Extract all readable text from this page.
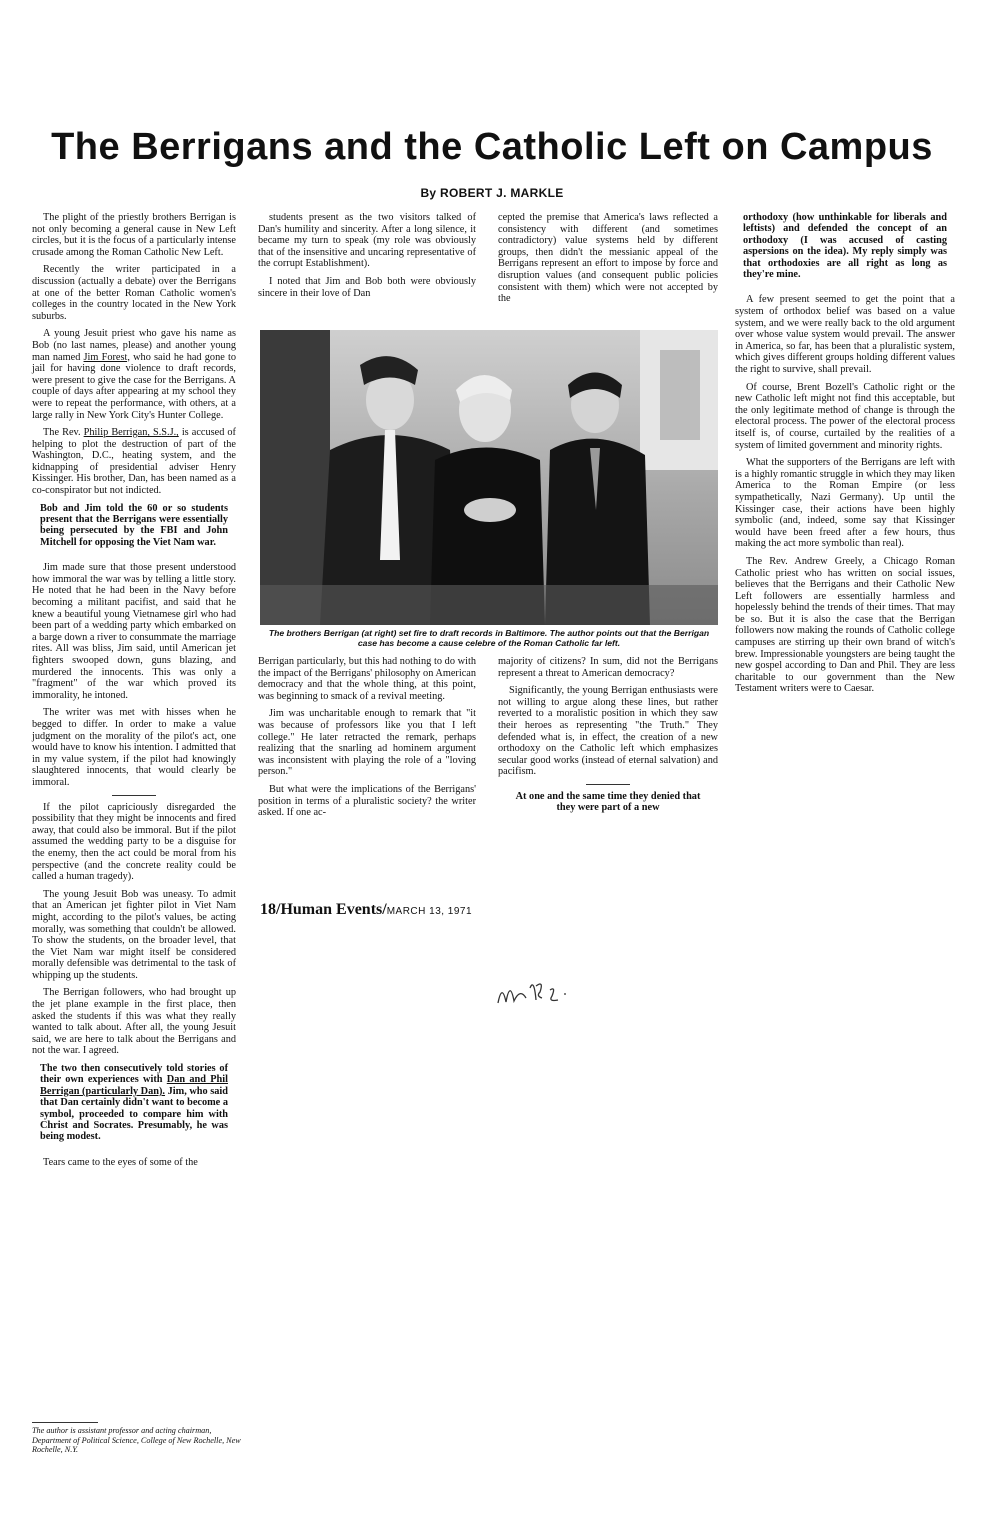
The Berrigans and the Catholic Left on Campus
By ROBERT J. MARKLE

The plight of the priestly brothers Berrigan is not only becoming a general cause in New Left circles, but it is the focus of a particularly intense crusade among the Roman Catholic New Left.

Recently the writer participated in a discussion (actually a debate) over the Berrigans at one of the better Roman Catholic women's colleges in the country located in the New York suburbs.

A young Jesuit priest who gave his name as Bob (no last names, please) and another young man named Jim Forest, who said he had gone to jail for having done violence to draft records, were present to give the case for the Berrigans. A couple of days after appearing at my school they were to repeat the performance, with others, at a large rally in New York City's Hunter College.

The Rev. Philip Berrigan, S.S.J., is accused of helping to plot the destruction of part of the Washington, D.C., heating system, and the kidnapping of presidential adviser Henry Kissinger. His brother, Dan, has been named as a co-conspirator but not indicted.

Bob and Jim told the 60 or so students present that the Berrigans were essentially being persecuted by the FBI and John Mitchell for opposing the Viet Nam war.

Jim made sure that those present understood how immoral the war was by telling a little story. He noted that he had been in the Navy before becoming a militant pacifist, and said that he knew a beautiful young Vietnamese girl who had been part of a wedding party which embarked on a barge down a river to consummate the marriage rites. All was bliss, Jim said, until American jet fighters swooped down, guns blazing, and murdered the innocents. This was only a "fragment" of the war which proved its immorality, he intoned.

The writer was met with hisses when he begged to differ. In order to make a value judgment on the morality of the pilot's act, one would have to know his intention. I admitted that in my value system, if the pilot had knowingly slaughtered innocents, that would clearly be immoral.

If the pilot capriciously disregarded the possibility that they might be innocents and fired away, that could also be immoral. But if the pilot assumed the wedding party to be a disguise for the enemy, then the act could be moral from his perspective (and the concrete reality could be called a human tragedy).

The young Jesuit Bob was uneasy. To admit that an American jet fighter pilot in Viet Nam might, according to the pilot's values, be acting morally, was something that couldn't be allowed. To show the students, on the broader level, that the Viet Nam war might itself be considered morally defensible was detrimental to the task of whipping up the students.

The Berrigan followers, who had brought up the jet plane example in the first place, then asked the students if this was what they really wanted to talk about. After all, the young Jesuit said, we are here to talk about the Berrigans and not the war. I agreed.

The two then consecutively told stories of their own experiences with Dan and Phil Berrigan (particularly Dan). Jim, who said that Dan certainly didn't want to become a symbol, proceeded to compare him with Christ and Socrates. Presumably, he was being modest.

Tears came to the eyes of some of the

The author is assistant professor and acting chairman, Department of Political Science, College of New Rochelle, New Rochelle, N.Y.

students present as the two visitors talked of Dan's humility and sincerity. After a long silence, it became my turn to speak (my role was obviously that of the insensitive and uncaring representative of the corrupt Establishment).

I noted that Jim and Bob both were obviously sincere in their love of Dan

cepted the premise that America's laws reflected a consistency with different (and sometimes contradictory) value systems held by different groups, then didn't the messianic appeal of the Berrigans represent an effort to impose by force and disruption values (and consequent public policies consistent with them) which were not accepted by the

The brothers Berrigan (at right) set fire to draft records in Baltimore. The author points out that the Berrigan case has become a cause celebre of the Roman Catholic far left.

Berrigan particularly, but this had nothing to do with the impact of the Berrigans' philosophy on American democracy and that the whole thing, at this point, was beginning to smack of a revival meeting.

Jim was uncharitable enough to remark that "it was because of professors like you that I left college." He later retracted the remark, perhaps realizing that the snarling ad hominem argument was inconsistent with playing the role of a "loving person."

But what were the implications of the Berrigans' position in terms of a pluralistic society? the writer asked. If one ac-

majority of citizens? In sum, did not the Berrigans represent a threat to American democracy?

Significantly, the young Berrigan enthusiasts were not willing to argue along these lines, but rather reverted to a moralistic position in which they saw their heroes as representing "the Truth." They defended what is, in effect, the creation of a new orthodoxy on the Catholic left which emphasizes secular good works (instead of eternal salvation) and pacifism.

At one and the same time they denied that they were part of a new

orthodoxy (how unthinkable for liberals and leftists) and defended the concept of an orthodoxy (I was accused of casting aspersions on the idea). My reply simply was that orthodoxies are all right as long as they're mine.

A few present seemed to get the point that a system of orthodox belief was based on a value system, and we were really back to the old argument over whose value system would prevail. The answer in America, so far, has been that a pluralistic system, which gives different groups holding different values the right to survive, shall prevail.

Of course, Brent Bozell's Catholic right or the new Catholic left might not find this acceptable, but the only legitimate method of change is through the electoral process. The power of the electoral process itself is, of course, curtailed by the realities of a system of limited government and minority rights.

What the supporters of the Berrigans are left with is a highly romantic struggle in which they may liken America to the Roman Empire (or less sympathetically, Nazi Germany). Up until the Kissinger case, their actions have been highly symbolic (and, indeed, some say that Kissinger would have been freed after a few hours, thus making the act more symbolic than real).

The Rev. Andrew Greely, a Chicago Roman Catholic priest who has written on social issues, believes that the Berrigans and their Catholic New Left followers are essentially harmless and hopelessly behind the trends of their times. That may be so. But it is also the case that the Berrigan followers now making the rounds of Catholic college campuses are stirring up their own brand of witch's brew. Impressionable youngsters are being taught the new gospel according to Dan and Phil. They are less charitable to our government than the New Testament writers were to Caesar.

18/Human Events/MARCH 13, 1971
